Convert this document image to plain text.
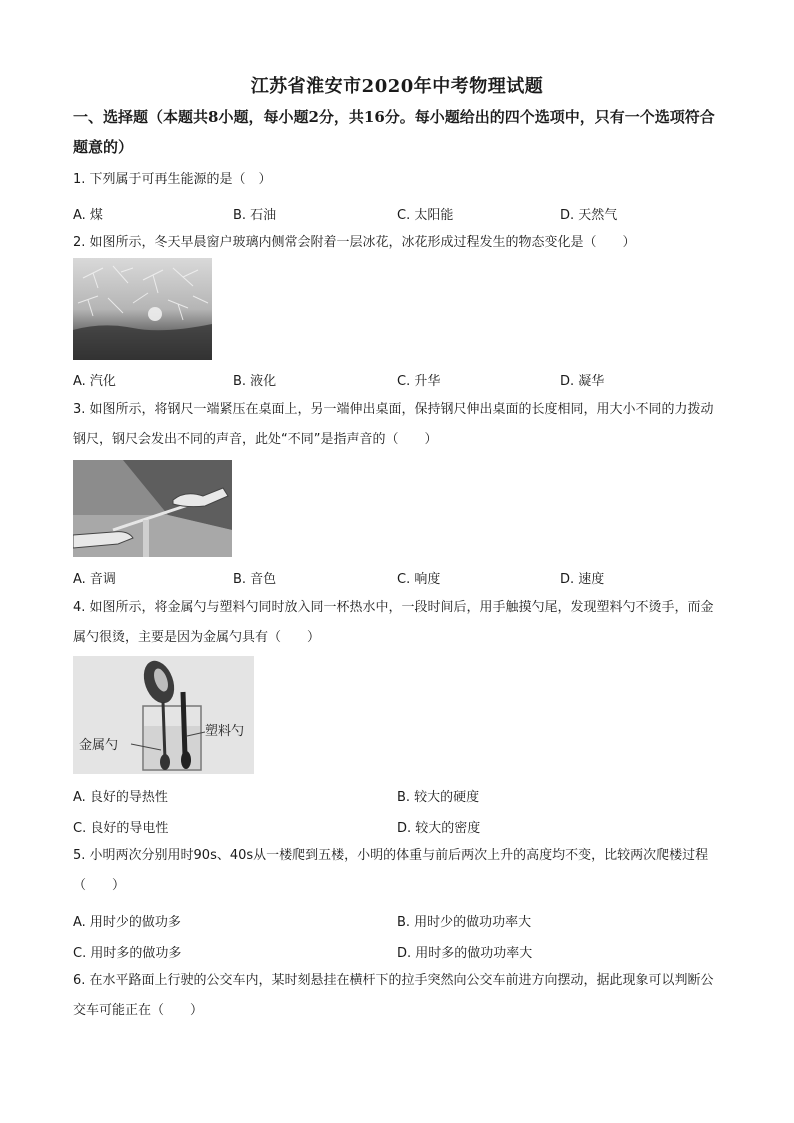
江苏省淮安市2020年中考物理试题
一、选择题（本题共8小题，每小题2分，共16分。每小题给出的四个选项中，只有一个选项符合题意的）
1. 下列属于可再生能源的是（　）
A. 煤	B. 石油	C. 太阳能	D. 天然气
2. 如图所示，冬天早晨窗户玻璃内侧常会附着一层冰花，冰花形成过程发生的物态变化是（　　）
A. 汽化	B. 液化	C. 升华	D. 凝华
3. 如图所示，将钢尺一端紧压在桌面上，另一端伸出桌面，保持钢尺伸出桌面的长度相同，用大小不同的力拨动钢尺，钢尺会发出不同的声音，此处“不同”是指声音的（　　）
A. 音调	B. 音色	C. 响度	D. 速度
4. 如图所示，将金属勺与塑料勺同时放入同一杯热水中，一段时间后，用手触摸勺尾，发现塑料勺不烫手，而金属勺很烫，主要是因为金属勺具有（　　）
金属勺
塑料勺
A. 良好的导热性	B. 较大的硬度
C. 良好的导电性	D. 较大的密度
5. 小明两次分别用时90s、40s从一楼爬到五楼，小明的体重与前后两次上升的高度均不变，比较两次爬楼过程（　　）
A. 用时少的做功多	B. 用时少的做功功率大
C. 用时多的做功多	D. 用时多的做功功率大
6. 在水平路面上行驶的公交车内，某时刻悬挂在横杆下的拉手突然向公交车前进方向摆动，据此现象可以判断公交车可能正在（　　）
